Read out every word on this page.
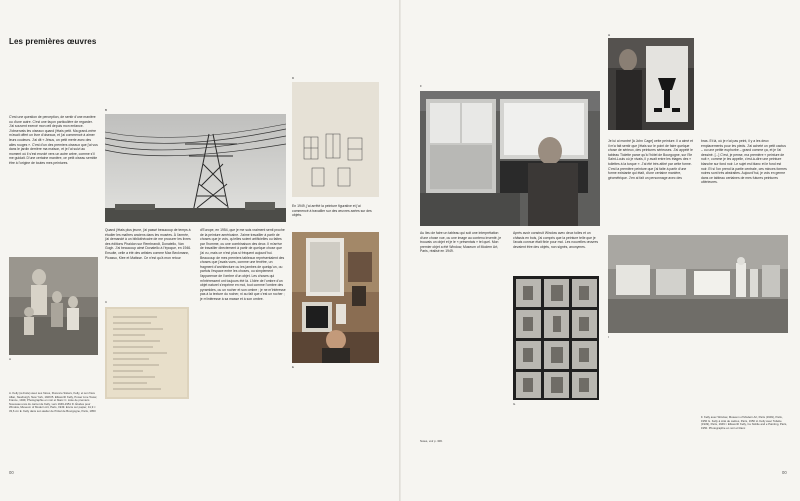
Les premières œuvres
C'est une question de perception, de sentir d'une manière ou d'une autre. C'est une façon particulière de regarder. J'ai souvent exercé mon œil depuis mon enfance. J'observais les oiseaux quand j'étais petit. Ma grand-mère m'avait offert un livre d'oiseaux, et j'ai commencé à aimer leurs couleurs. J'ai dit « Jésus, un petit merle avec des ailes rouges ». C'est d'un des premiers oiseaux que j'ai vus dans le jardin derrière ma maison, et je l'ai suivi au moment où il s'est envolé vers un autre arbre, comme s'il me guidait. D'une certaine manière, ce petit oiseau semble être à l'origine de toutes mes peintures.
A
A. Kelly (à droite) avec ses frères, Florence Sisters, Kelly, et son frère Allan, Newburgh, New York, 1929 B. Ellsworth Kelly, Power Line Tower, France, 1949, Photographie en noir et blanc C. Liste de premiers Nouveaux-nés du carnet de Kelly, vers 1949-1951 D. Études pour Window, Museum of Modern Art, Paris, 1949. Encre sur papier, 41,9 × 33,6 cm E. Kelly dans son atelier de l'hôtel de Bourgogne, Paris, 1950
00
B
Quand j'étais plus jeune, j'ai passé beaucoup de temps à étudier les maîtres anciens dans les musées. À l'armée, j'ai demandé à un bibliothécaire de me procurer les livres des éditions Phaidon sur Rembrandt, Donatello, Van Gogh. J'ai beaucoup aimé Donatello à l'époque, en 1946. Ensuite, celle a été des artistes comme Max Beckmann, Picasso, Klee et Matisse. Ce n'est qu'à mon retour
C
d'Europe, en 1954, que je me suis vraiment senti proche de la peinture américaine. J'aime travailler à partir de choses que je vois, qu'elles soient artificielles ou faites par l'homme, ou une combinaison des deux. Il m'arrive de travailler directement à partir de quelque chose que j'ai vu, mais ce n'est plus si fréquent aujourd'hui. Beaucoup de mes premiers tableaux représentaient des choses que j'avais vues, comme une fenêtre, un fragment d'architecture ou les jambes de quelqu'un, ou parfois l'espace entre les choses, ou simplement l'apparence de l'ombre d'un objet. Les choses qui m'intéressent ont toujours été là. L'idée de l'ombre d'un objet naturel s'exprime en moi, tout comme l'ombre des pyramides, ou un rocher et son ombre ; je ne m'intéresse pas à la texture du rocher, ni au fait que c'est un rocher ; je m'intéresse à sa masse et à son ombre.
D
En 1949, j'ai arrêté la peinture figurative et j'ai commencé à travailler sur des œuvres axées sur des objets.
E
F
Au lieu de faire un tableau qui soit une interprétation d'une chose vue, ou une image au contenu inventé, je trouvais un objet et je le « présentais » tel quel. Mon premier objet a été Window, Museum of Modern Art, Paris, réalisé en 1949.
Après avoir construit Window avec deux toiles et un châssis en bois, j'ai compris que la peinture telle que je l'avais connue était finie pour moi. Les nouvelles œuvres devaient être des objets, non signés, anonymes.
G
Notes, voir p. 306.
H
Je lui ai montré [à John Cage] cette peinture. Il a aimé et il m'a fait sentir que j'étais sur le point de faire quelque chose de sérieux, des peintures sérieuses. J'ai appelé le tableau Tiolette parce qu'à l'hôtel de Bourgogne, sur l'île Saint-Louis où je vivais, il y avait entre les étages des « toilettes à la turque ». J'ai été très attiré par cette forme. C'est la première peinture que j'ai faite à partir d'une forme existante qui était, d'une certaine manière, géométrique. J'en ai fait un personnage avec des
bras. Et là, où je n'ai pas peint, il y a les deux emplacements pour les pieds. J'ai acheté un petit cactus – ou une petite euphorbe – grand comme ça, et je l'ai dessiné. [...] C'est, je pense, ma première « peinture de nuit », comme je les appelle, c'est-à-dire une peinture blanche sur fond noir. Le sujet est blanc et le fond est noir. Et si l'on prend la partie centrale, ces minces formes noires sont très abstraites. Aujourd'hui, je vois en germe dans ce tableau certaines de mes futures peintures ultérieures.
I
F. Kelly avec Window, Museum of Modern Art, Paris (1949), Paris, 1950 G. Kelly à côté de cadres, Paris, 1950 H. Kelly avec Toilette (1949), Paris, 1949 I. Ellsworth Kelly, Ce Nobile and e Painting, Paris, 1950. Photographie en noir et blanc
00
